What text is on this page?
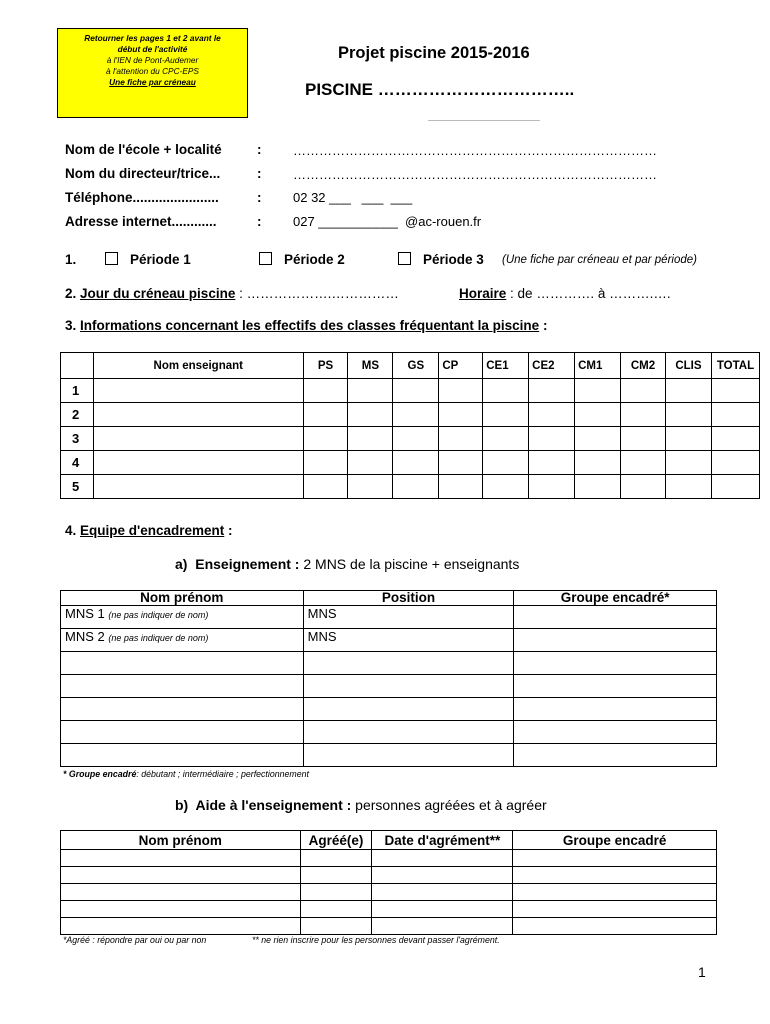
Retourner les pages 1 et 2 avant le
début de l'activité
à l'IEN de Pont-Audemer
à l'attention du CPC-EPS
Une fiche par créneau
Projet piscine 2015-2016
PISCINE ……………………………..
Nom de l'école + localité	: …………………………………………………………………………
Nom du directeur/trice...	: …………………………………………………………………………
Téléphone.......................	: 02 32 ___   ___  ___
Adresse internet............	: 027 ___________  @ac-rouen.fr
1.	Période 1	Période 2	Période 3 (Une fiche par créneau et par période)
2. Jour du créneau piscine : ……………….……………	Horaire : de …………. à ……….….
3. Informations concernant les effectifs des classes fréquentant la piscine :
	Nom enseignant	PS	MS	GS	CP	CE1	CE2	CM1	CM2	CLIS	TOTAL
1											
2											
3											
4											
5											
4. Equipe d'encadrement :
a)  Enseignement : 2 MNS de la piscine + enseignants
Nom prénom	Position	Groupe encadré*
MNS 1 (ne pas indiquer de nom)	MNS	
MNS 2 (ne pas indiquer de nom)	MNS	

* Groupe encadré: débutant ; intermédiaire ; perfectionnement
b)  Aide à l'enseignement : personnes agréées et à agréer
Nom prénom	Agréé(e)	Date d'agrément**	Groupe encadré

*Agréé : répondre par oui ou par non	** ne rien inscrire pour les personnes devant passer l'agrément.
1
